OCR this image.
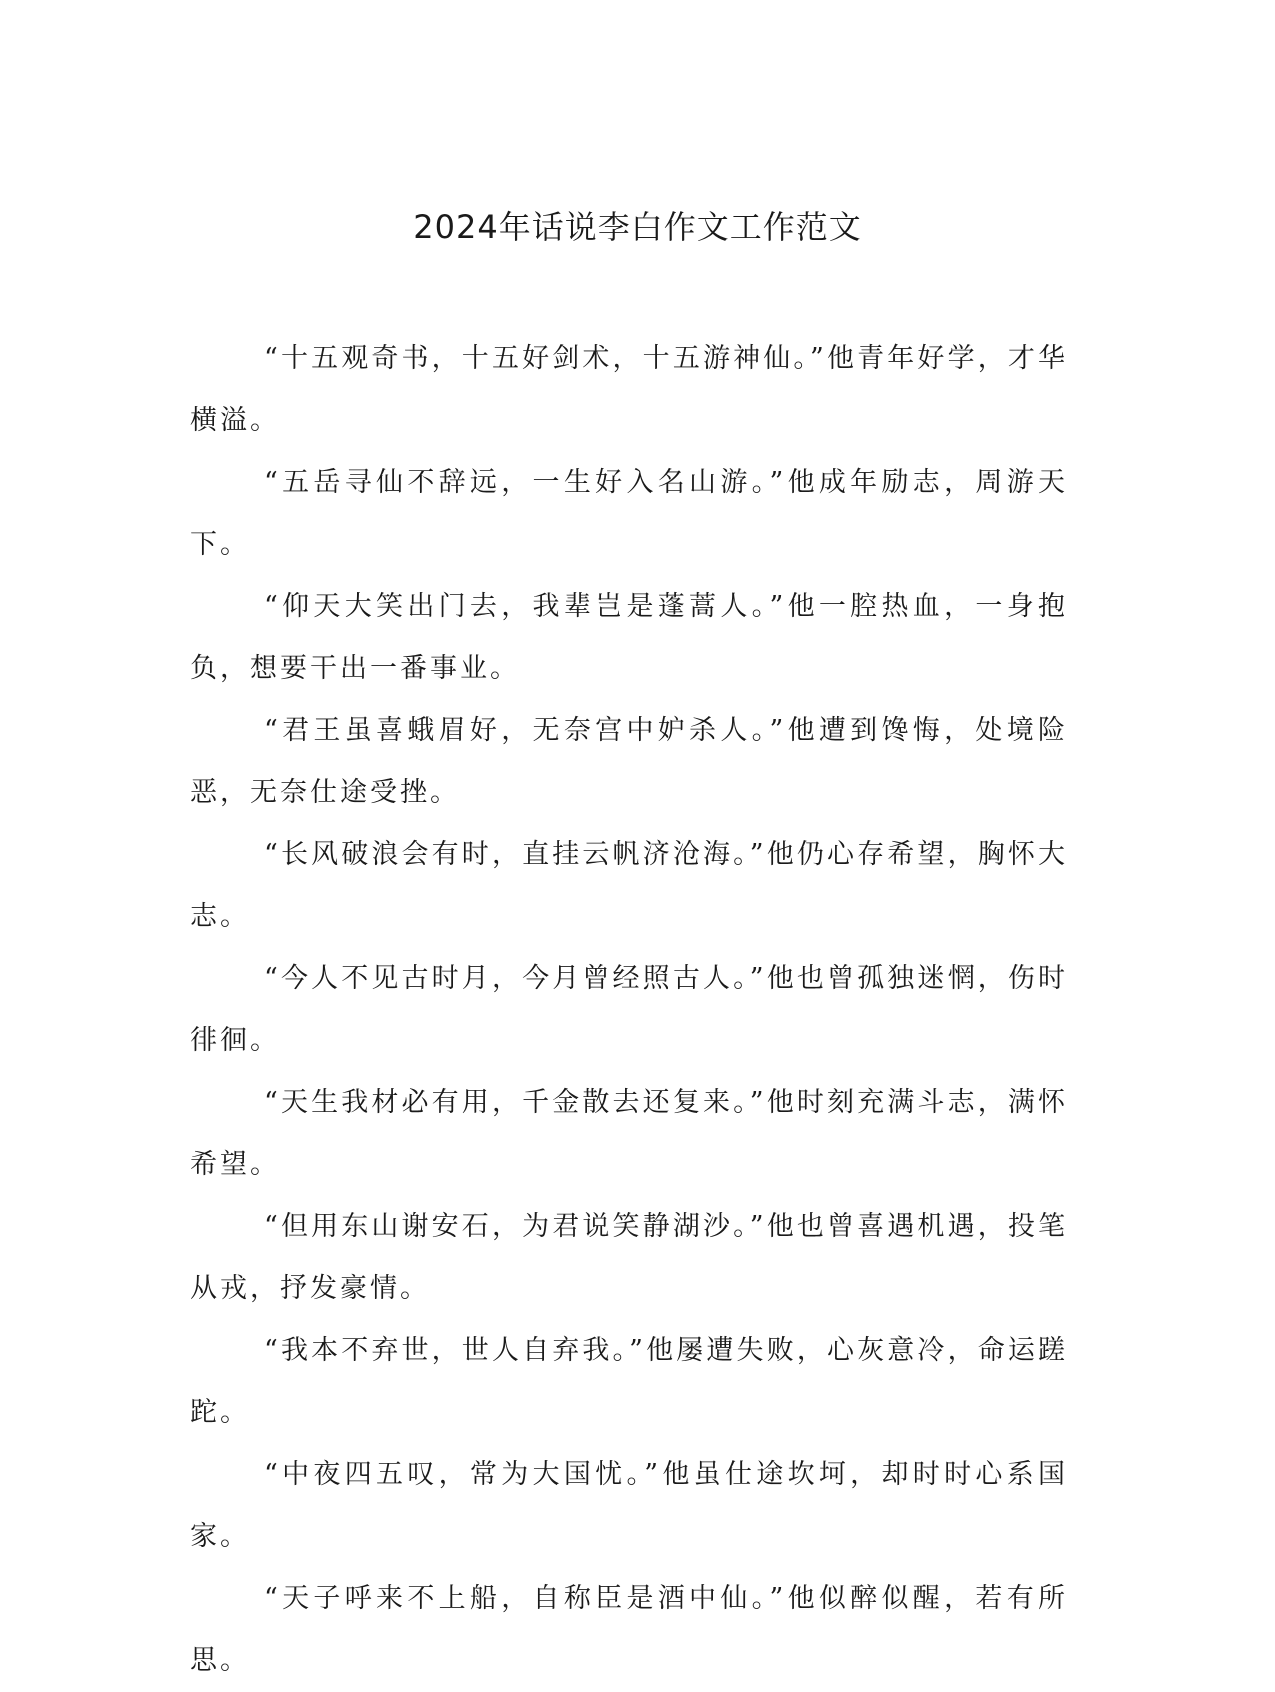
2024年话说李白作文工作范文

“十五观奇书，十五好剑术，十五游神仙。”他青年好学，才华横溢。

“五岳寻仙不辞远，一生好入名山游。”他成年励志，周游天下。

“仰天大笑出门去，我辈岂是蓬蒿人。”他一腔热血，一身抱负，想要干出一番事业。

“君王虽喜蛾眉好，无奈宫中妒杀人。”他遭到馋悔，处境险恶，无奈仕途受挫。

“长风破浪会有时，直挂云帆济沧海。”他仍心存希望，胸怀大志。

“今人不见古时月，今月曾经照古人。”他也曾孤独迷惘，伤时徘徊。

“天生我材必有用，千金散去还复来。”他时刻充满斗志，满怀希望。

“但用东山谢安石，为君说笑静湖沙。”他也曾喜遇机遇，投笔从戎，抒发豪情。

“我本不弃世，世人自弃我。”他屡遭失败，心灰意冷，命运蹉跎。

“中夜四五叹，常为大国忧。”他虽仕途坎坷，却时时心系国家。

“天子呼来不上船，自称臣是酒中仙。”他似醉似醒，若有所思。
